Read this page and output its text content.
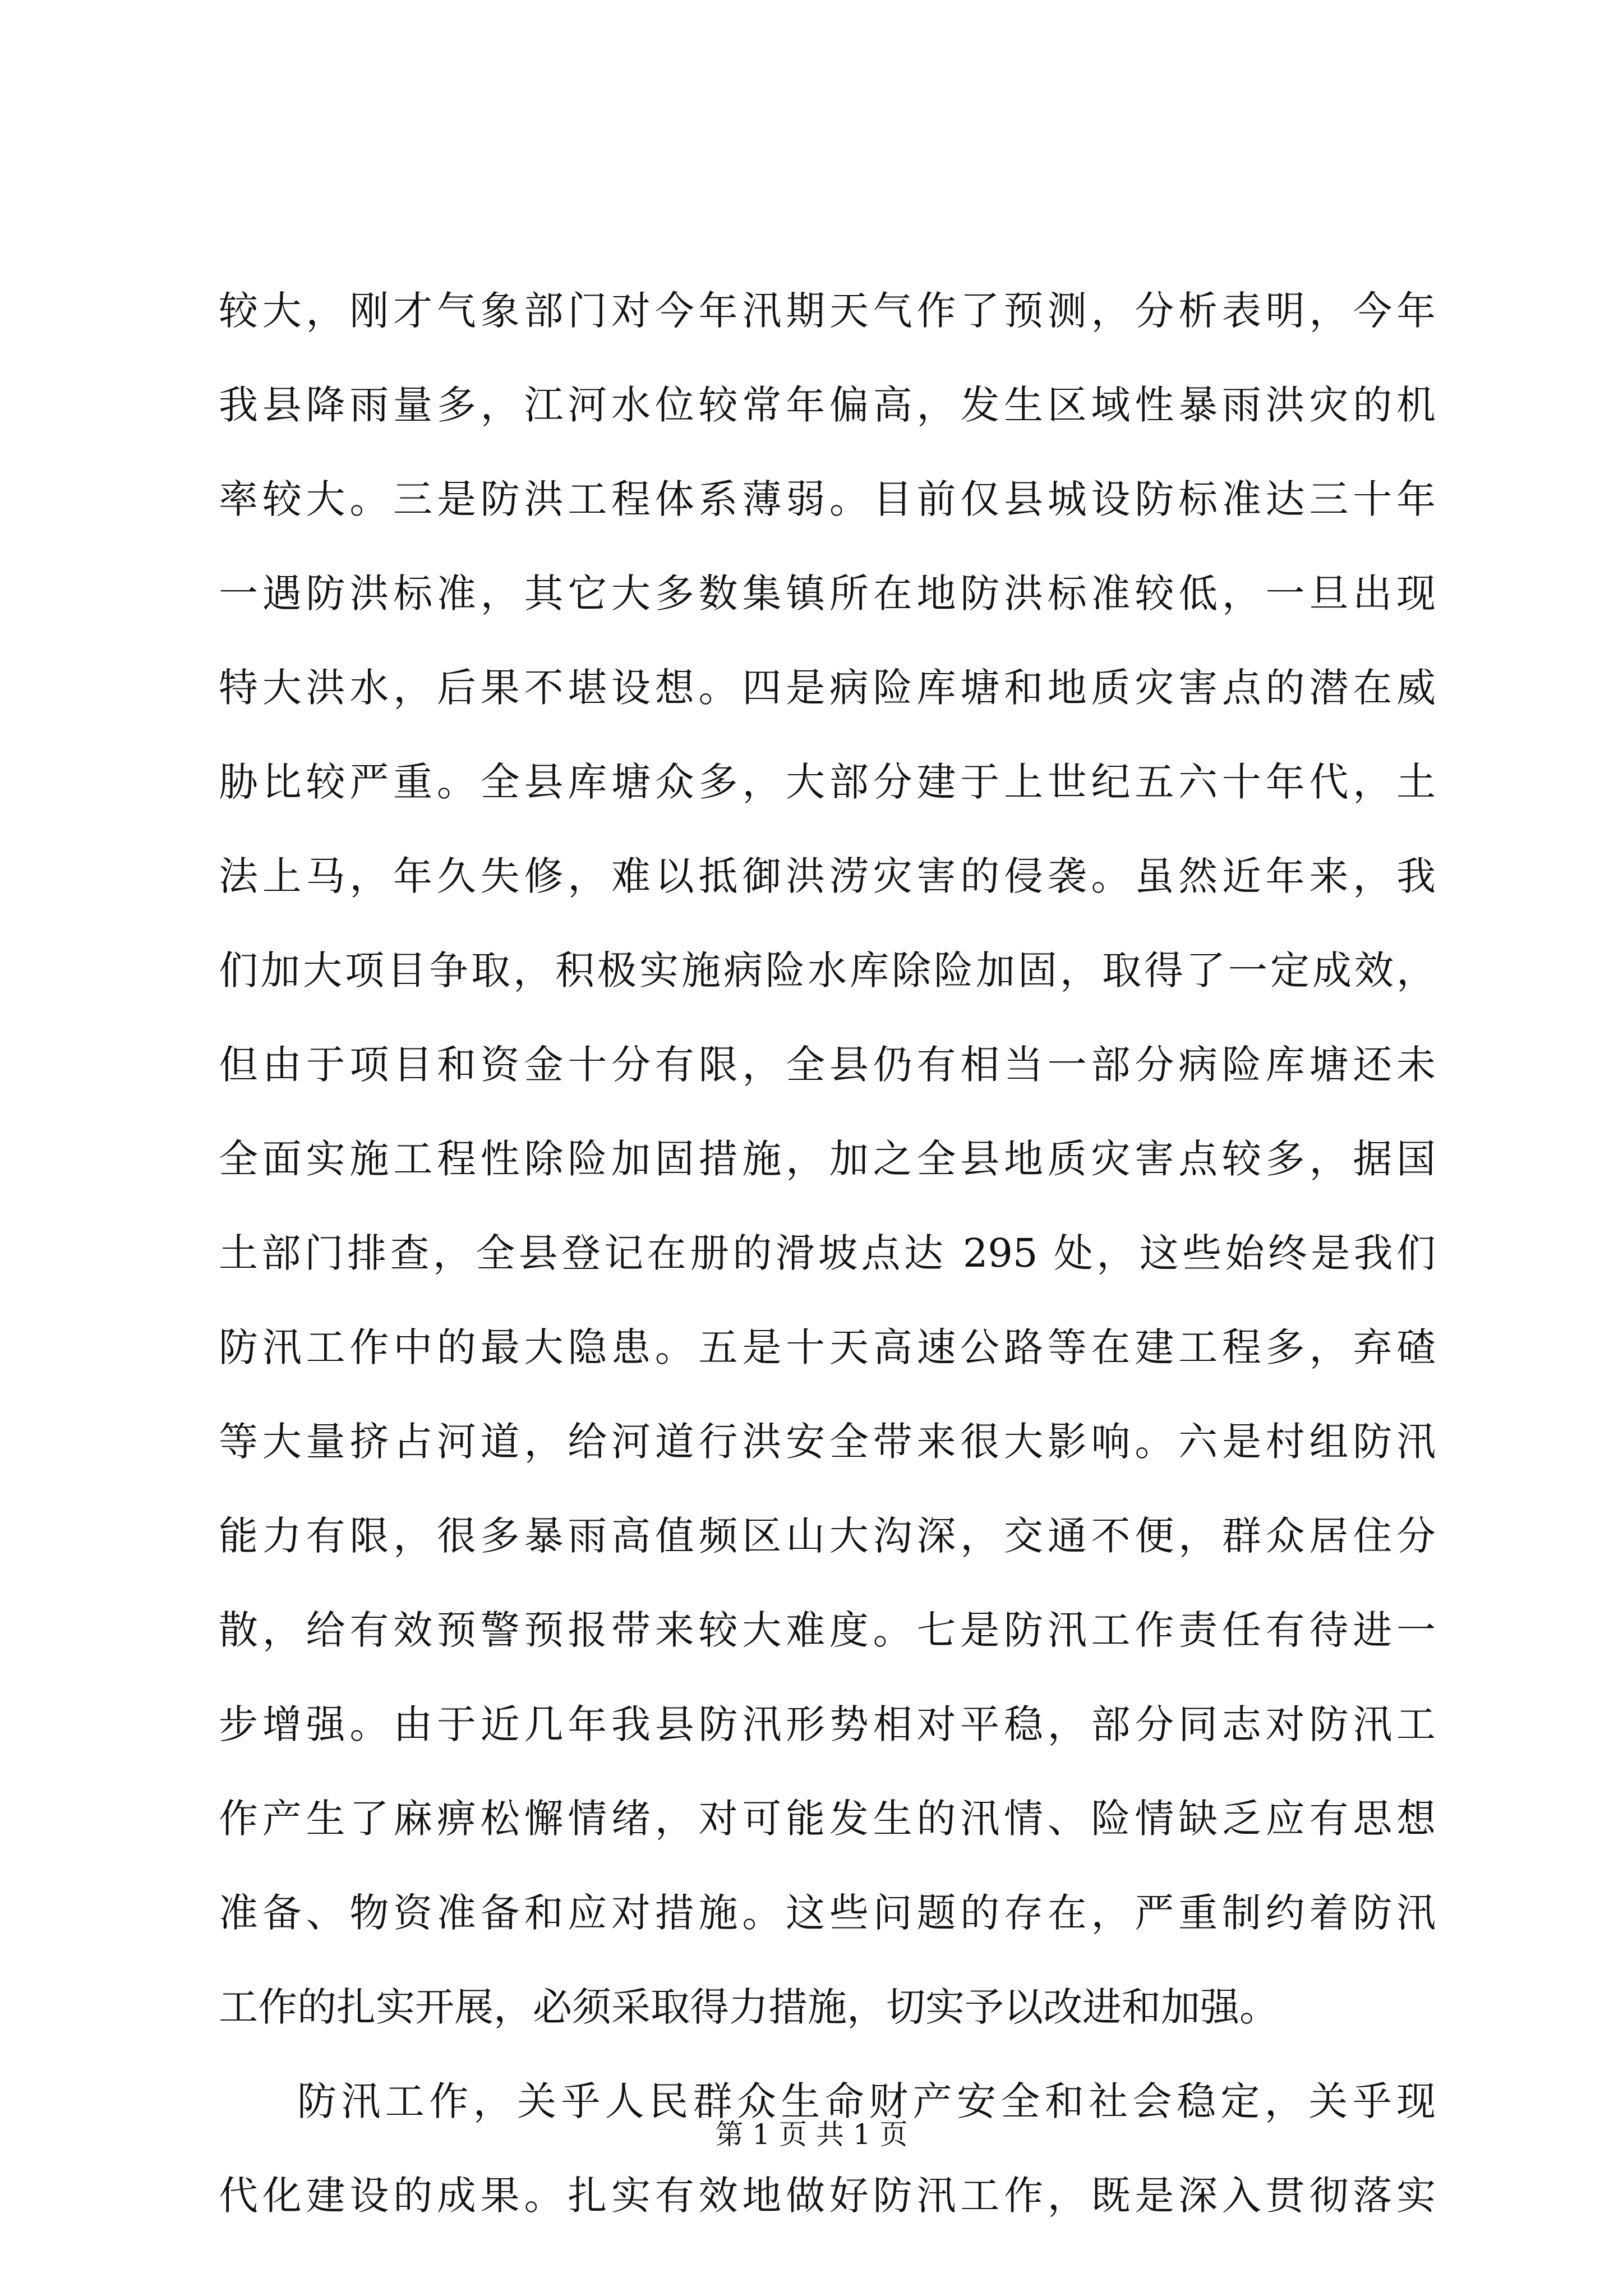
较大，刚才气象部门对今年汛期天气作了预测，分析表明，今年
我县降雨量多，江河水位较常年偏高，发生区域性暴雨洪灾的机
率较大。三是防洪工程体系薄弱。目前仅县城设防标准达三十年
一遇防洪标准，其它大多数集镇所在地防洪标准较低，一旦出现
特大洪水，后果不堪设想。四是病险库塘和地质灾害点的潜在威
胁比较严重。全县库塘众多，大部分建于上世纪五六十年代，土
法上马，年久失修，难以抵御洪涝灾害的侵袭。虽然近年来，我
们加大项目争取，积极实施病险水库除险加固，取得了一定成效，
但由于项目和资金十分有限，全县仍有相当一部分病险库塘还未
全面实施工程性除险加固措施，加之全县地质灾害点较多，据国
土部门排查，全县登记在册的滑坡点达 295 处，这些始终是我们
防汛工作中的最大隐患。五是十天高速公路等在建工程多，弃碴
等大量挤占河道，给河道行洪安全带来很大影响。六是村组防汛
能力有限，很多暴雨高值频区山大沟深，交通不便，群众居住分
散，给有效预警预报带来较大难度。七是防汛工作责任有待进一
步增强。由于近几年我县防汛形势相对平稳，部分同志对防汛工
作产生了麻痹松懈情绪，对可能发生的汛情、险情缺乏应有思想
准备、物资准备和应对措施。这些问题的存在，严重制约着防汛
工作的扎实开展，必须采取得力措施，切实予以改进和加强。
防汛工作，关乎人民群众生命财产安全和社会稳定，关乎现
代化建设的成果。扎实有效地做好防汛工作，既是深入贯彻落实
第 1 页 共 1 页
